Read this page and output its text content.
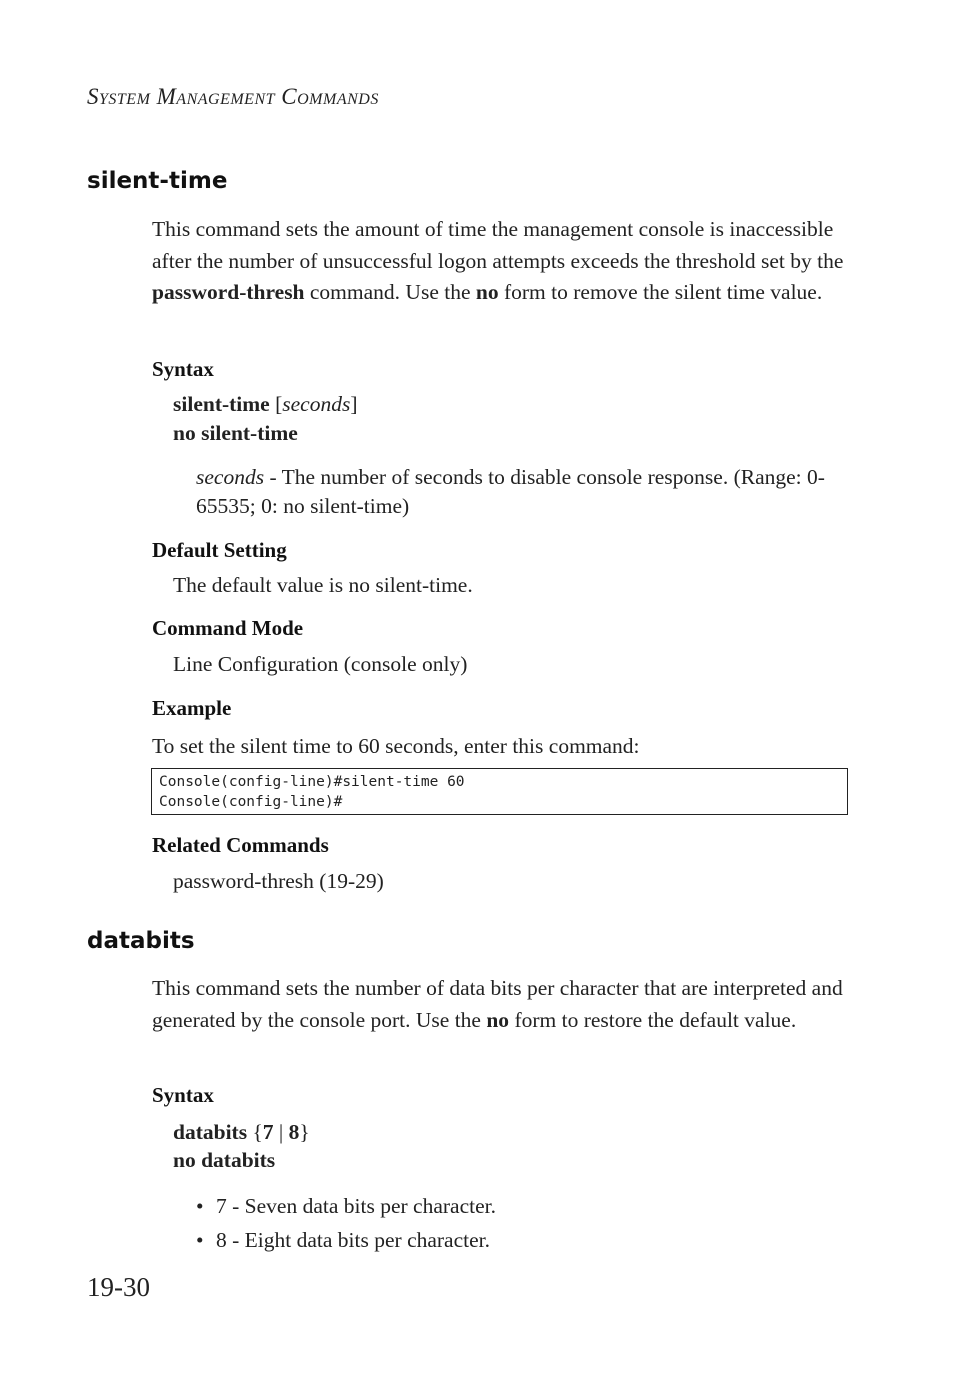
System Management Commands
silent-time
This command sets the amount of time the management console is inaccessible after the number of unsuccessful logon attempts exceeds the threshold set by the password-thresh command. Use the no form to remove the silent time value.
Syntax
silent-time [seconds]
no silent-time
seconds - The number of seconds to disable console response. (Range: 0-65535; 0: no silent-time)
Default Setting
The default value is no silent-time.
Command Mode
Line Configuration (console only)
Example
To set the silent time to 60 seconds, enter this command:
Console(config-line)#silent-time 60
Console(config-line)#
Related Commands
password-thresh (19-29)
databits
This command sets the number of data bits per character that are interpreted and generated by the console port. Use the no form to restore the default value.
Syntax
databits {7 | 8}
no databits
• 7 - Seven data bits per character.
• 8 - Eight data bits per character.
19-30
